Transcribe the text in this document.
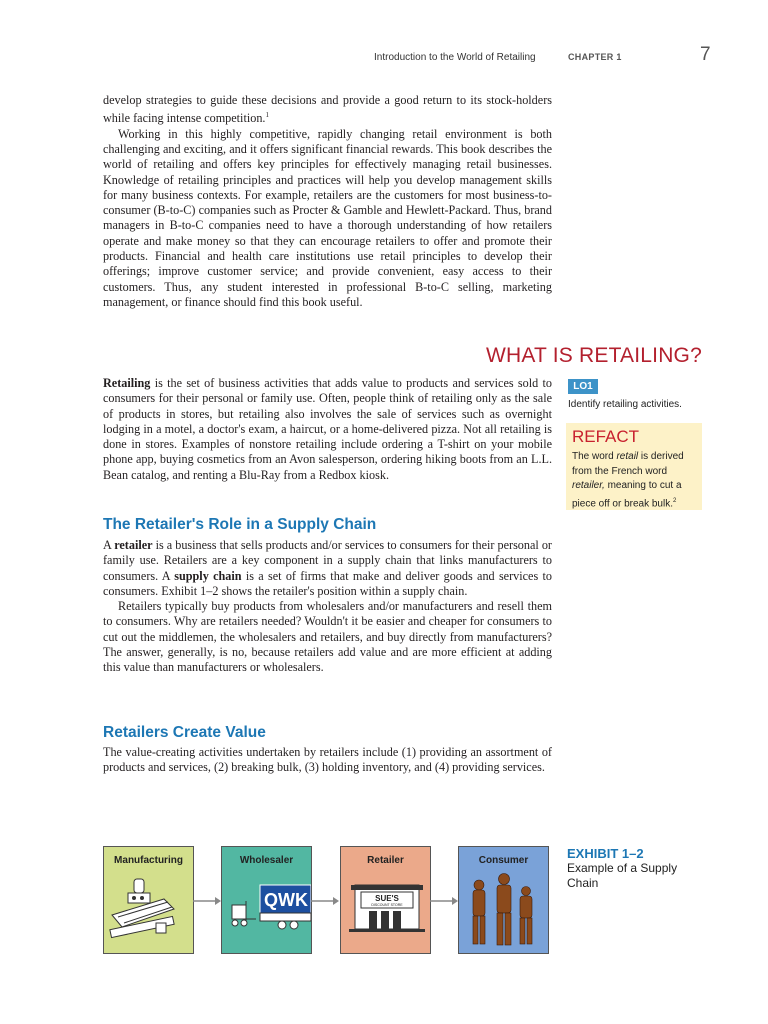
Introduction to the World of Retailing	CHAPTER 1	7

develop strategies to guide these decisions and provide a good return to its stock-holders while facing intense competition.$^1$

Working in this highly competitive, rapidly changing retail environment is both challenging and exciting, and it offers significant financial rewards. This book describes the world of retailing and offers key principles for effectively managing retail businesses. Knowledge of retailing principles and practices will help you develop management skills for many business contexts. For example, retailers are the customers for most business-to-consumer (B-to-C) companies such as Procter & Gamble and Hewlett-Packard. Thus, brand managers in B-to-C companies need to have a thorough understanding of how retailers operate and make money so that they can encourage retailers to offer and promote their products. Financial and health care institutions use retail principles to develop their offerings; improve customer service; and provide convenient, easy access to their customers. Thus, any student interested in professional B-to-C selling, marketing management, or finance should find this book useful.

WHAT IS RETAILING?

Retailing is the set of business activities that adds value to products and services sold to consumers for their personal or family use. Often, people think of retailing only as the sale of products in stores, but retailing also involves the sale of services such as overnight lodging in a motel, a doctor's exam, a haircut, or a home-delivered pizza. Not all retailing is done in stores. Examples of nonstore retailing include ordering a T-shirt on your mobile phone app, buying cosmetics from an Avon salesperson, ordering hiking boots from an L.L. Bean catalog, and renting a Blu-Ray from a Redbox kiosk.

The Retailer's Role in a Supply Chain

A retailer is a business that sells products and/or services to consumers for their personal or family use. Retailers are a key component in a supply chain that links manufacturers to consumers. A supply chain is a set of firms that make and deliver goods and services to consumers. Exhibit 1–2 shows the retailer's position within a supply chain.

Retailers typically buy products from wholesalers and/or manufacturers and resell them to consumers. Why are retailers needed? Wouldn't it be easier and cheaper for consumers to cut out the middlemen, the wholesalers and retailers, and buy directly from manufacturers? The answer, generally, is no, because retailers add value and are more efficient at adding this value than manufacturers or wholesalers.

Retailers Create Value

The value-creating activities undertaken by retailers include (1) providing an assortment of products and services, (2) breaking bulk, (3) holding inventory, and (4) providing services.

LO1
Identify retailing activities.
REFACT
The word retail is derived from the French word retailer, meaning to cut a piece off or break bulk.$^2$
Manufacturing	Wholesaler
QWK
Retailer
SUE'S
DISCOUNT STORE
Consumer	EXHIBIT 1–2
Example of a Supply Chain
